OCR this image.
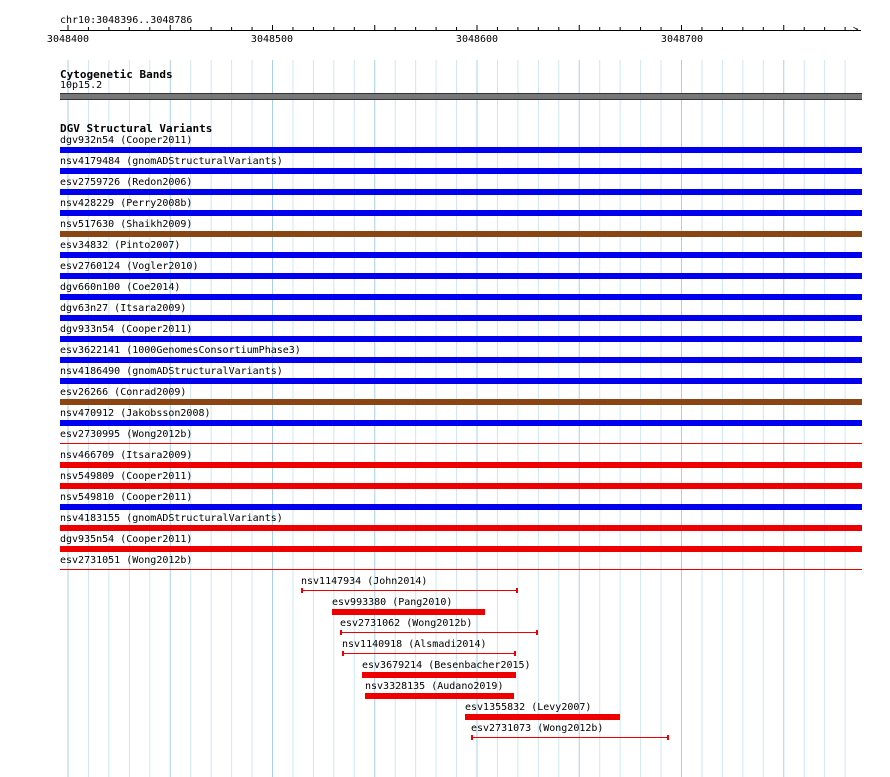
chr10:3048396..3048786
>
3048400	3048500	3048600	3048700
Cytogenetic Bands
10p15.2
DGV Structural Variants
dgv932n54 (Cooper2011)
nsv4179484 (gnomADStructuralVariants)
esv2759726 (Redon2006)
nsv428229 (Perry2008b)
nsv517630 (Shaikh2009)
esv34832 (Pinto2007)
esv2760124 (Vogler2010)
dgv660n100 (Coe2014)
dgv63n27 (Itsara2009)
dgv933n54 (Cooper2011)
esv3622141 (1000GenomesConsortiumPhase3)
nsv4186490 (gnomADStructuralVariants)
esv26266 (Conrad2009)
nsv470912 (Jakobsson2008)
esv2730995 (Wong2012b)
nsv466709 (Itsara2009)
nsv549809 (Cooper2011)
nsv549810 (Cooper2011)
nsv4183155 (gnomADStructuralVariants)
dgv935n54 (Cooper2011)
esv2731051 (Wong2012b)
nsv1147934 (John2014)
esv993380 (Pang2010)
esv2731062 (Wong2012b)
nsv1140918 (Alsmadi2014)
esv3679214 (Besenbacher2015)
nsv3328135 (Audano2019)
esv1355832 (Levy2007)
esv2731073 (Wong2012b)
